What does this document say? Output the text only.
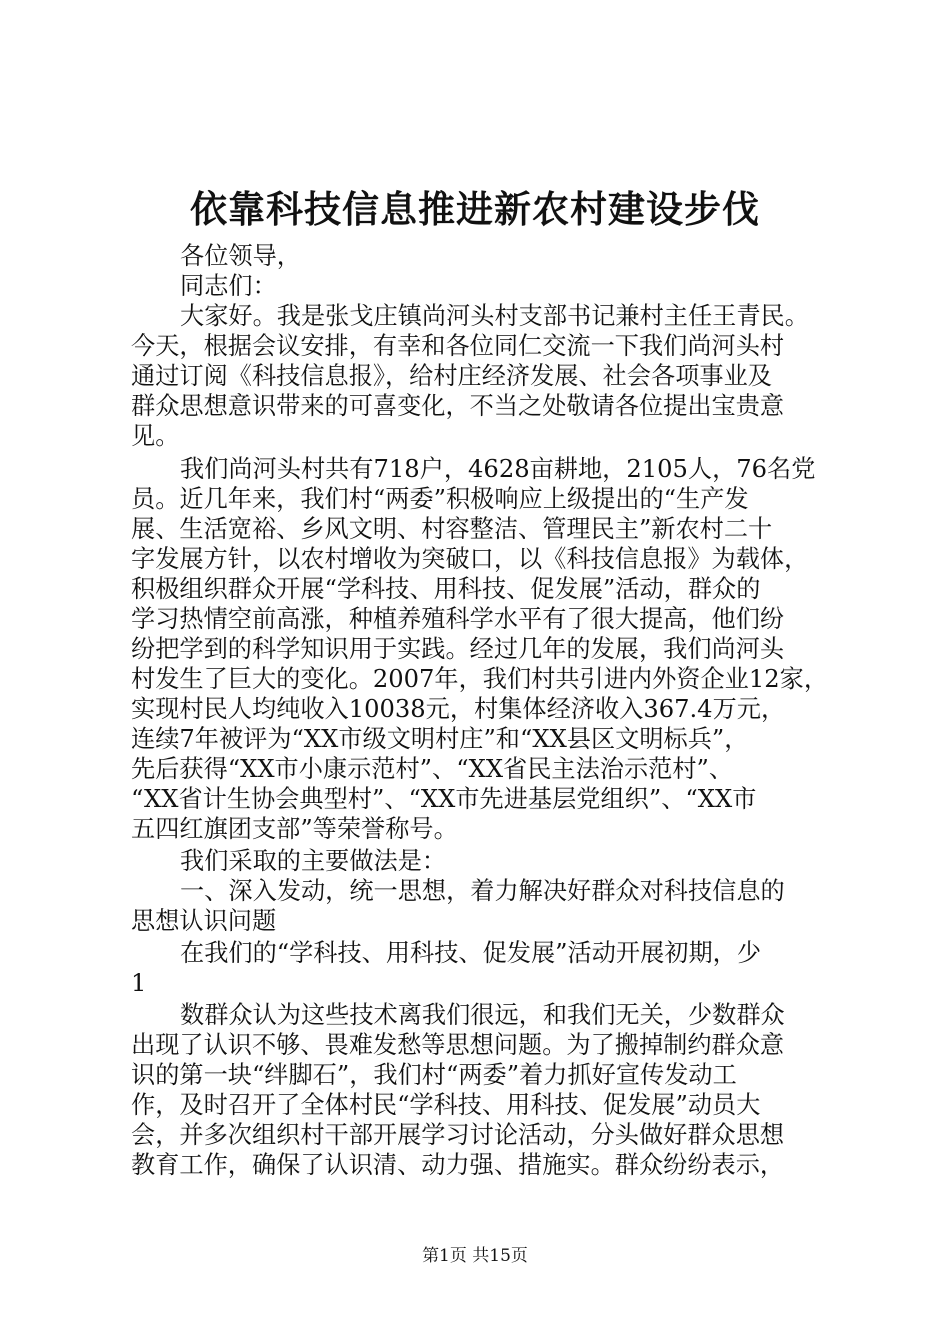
依靠科技信息推进新农村建设步伐

各位领导，

同志们：

大家好。我是张戈庄镇尚河头村支部书记兼村主任王青民。

今天，根据会议安排，有幸和各位同仁交流一下我们尚河头村

通过订阅《科技信息报》，给村庄经济发展、社会各项事业及

群众思想意识带来的可喜变化，不当之处敬请各位提出宝贵意

见。

我们尚河头村共有718户，4628亩耕地，2105人，76名党

员。近几年来，我们村“两委”积极响应上级提出的“生产发

展、生活宽裕、乡风文明、村容整洁、管理民主”新农村二十

字发展方针，以农村增收为突破口，以《科技信息报》为载体，

积极组织群众开展“学科技、用科技、促发展”活动，群众的

学习热情空前高涨，种植养殖科学水平有了很大提高，他们纷

纷把学到的科学知识用于实践。经过几年的发展，我们尚河头

村发生了巨大的变化。2007年，我们村共引进内外资企业12家，

实现村民人均纯收入10038元，村集体经济收入367.4万元，

连续7年被评为“XX市级文明村庄”和“XX县区文明标兵”，

先后获得“XX市小康示范村”、“XX省民主法治示范村”、

“XX省计生协会典型村”、“XX市先进基层党组织”、“XX市

五四红旗团支部”等荣誉称号。

我们采取的主要做法是：

一、深入发动，统一思想，着力解决好群众对科技信息的

思想认识问题

在我们的“学科技、用科技、促发展”活动开展初期，少

1

数群众认为这些技术离我们很远，和我们无关，少数群众

出现了认识不够、畏难发愁等思想问题。为了搬掉制约群众意

识的第一块“绊脚石”，我们村“两委”着力抓好宣传发动工

作，及时召开了全体村民“学科技、用科技、促发展”动员大

会，并多次组织村干部开展学习讨论活动，分头做好群众思想

教育工作，确保了认识清、动力强、措施实。群众纷纷表示，

第1页 共15页
